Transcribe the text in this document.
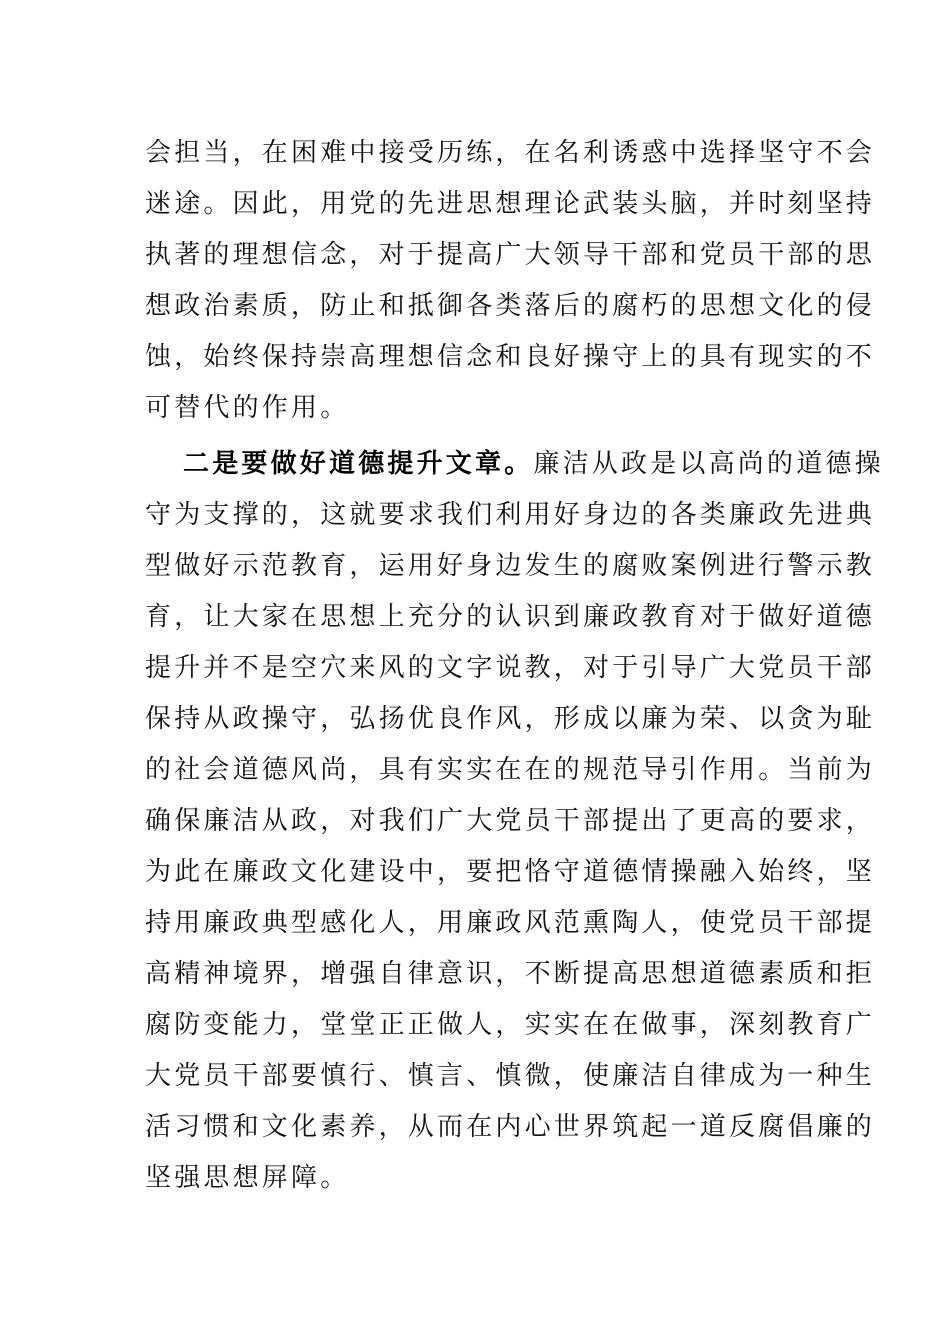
会担当，在困难中接受历练，在名利诱惑中选择坚守不会
迷途。因此，用党的先进思想理论武装头脑，并时刻坚持
执著的理想信念，对于提高广大领导干部和党员干部的思
想政治素质，防止和抵御各类落后的腐朽的思想文化的侵
蚀，始终保持崇高理想信念和良好操守上的具有现实的不
可替代的作用。
二是要做好道德提升文章。廉洁从政是以高尚的道德操
守为支撑的，这就要求我们利用好身边的各类廉政先进典
型做好示范教育，运用好身边发生的腐败案例进行警示教
育，让大家在思想上充分的认识到廉政教育对于做好道德
提升并不是空穴来风的文字说教，对于引导广大党员干部
保持从政操守，弘扬优良作风，形成以廉为荣、以贪为耻
的社会道德风尚，具有实实在在的规范导引作用。当前为
确保廉洁从政，对我们广大党员干部提出了更高的要求，
为此在廉政文化建设中，要把恪守道德情操融入始终，坚
持用廉政典型感化人，用廉政风范熏陶人，使党员干部提
高精神境界，增强自律意识，不断提高思想道德素质和拒
腐防变能力，堂堂正正做人，实实在在做事，深刻教育广
大党员干部要慎行、慎言、慎微，使廉洁自律成为一种生
活习惯和文化素养，从而在内心世界筑起一道反腐倡廉的
坚强思想屏障。
